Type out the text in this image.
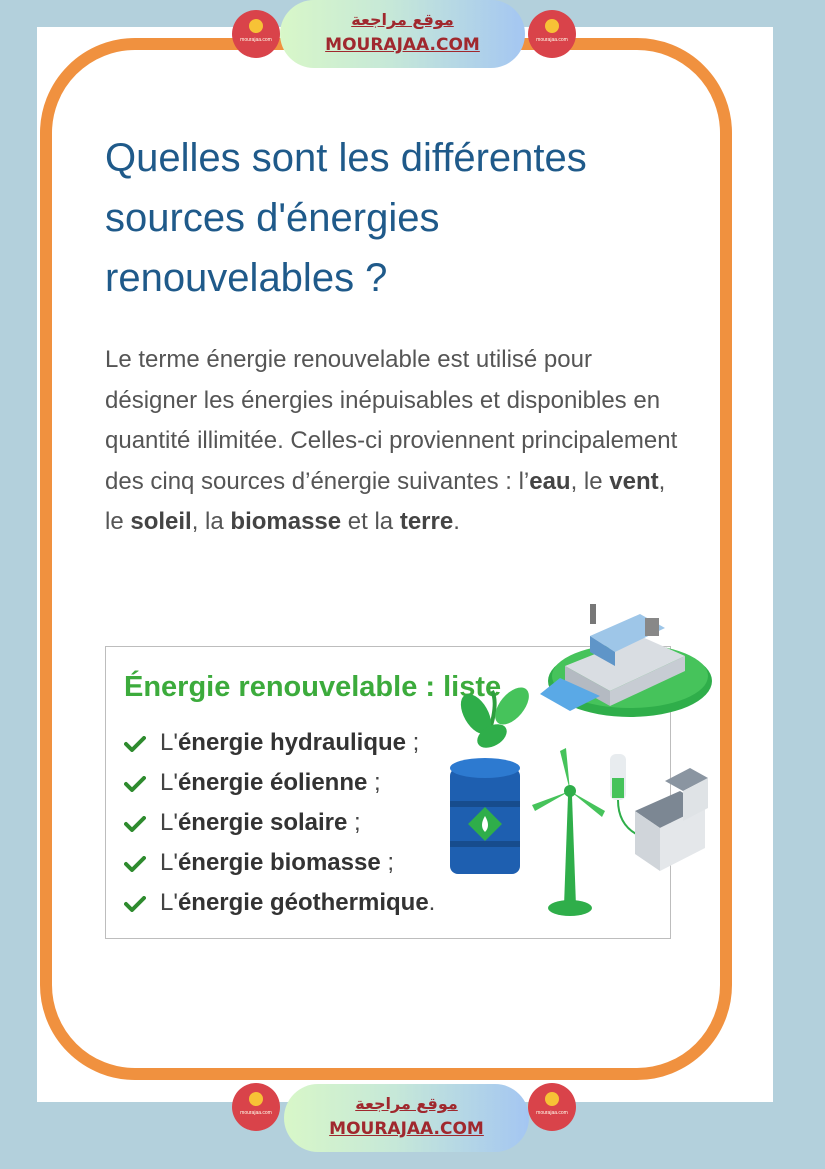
mourajaa.com
موقع مراجعة
MOURAJAA.COM	mourajaa.com
Quelles sont les différentes sources d'énergies renouvelables ?

Le terme énergie renouvelable est utilisé pour désigner les énergies inépuisables et disponibles en quantité illimitée. Celles-ci proviennent principalement des cinq sources d’énergie suivantes : l’eau, le vent, le soleil, la biomasse et la terre.

Énergie renouvelable : liste
L'énergie hydraulique ;
L'énergie éolienne ;
L'énergie solaire ;
L'énergie biomasse ;
L'énergie géothermique.
mourajaa.com	موقع مراجعة
MOURAJAA.COM
mourajaa.com
